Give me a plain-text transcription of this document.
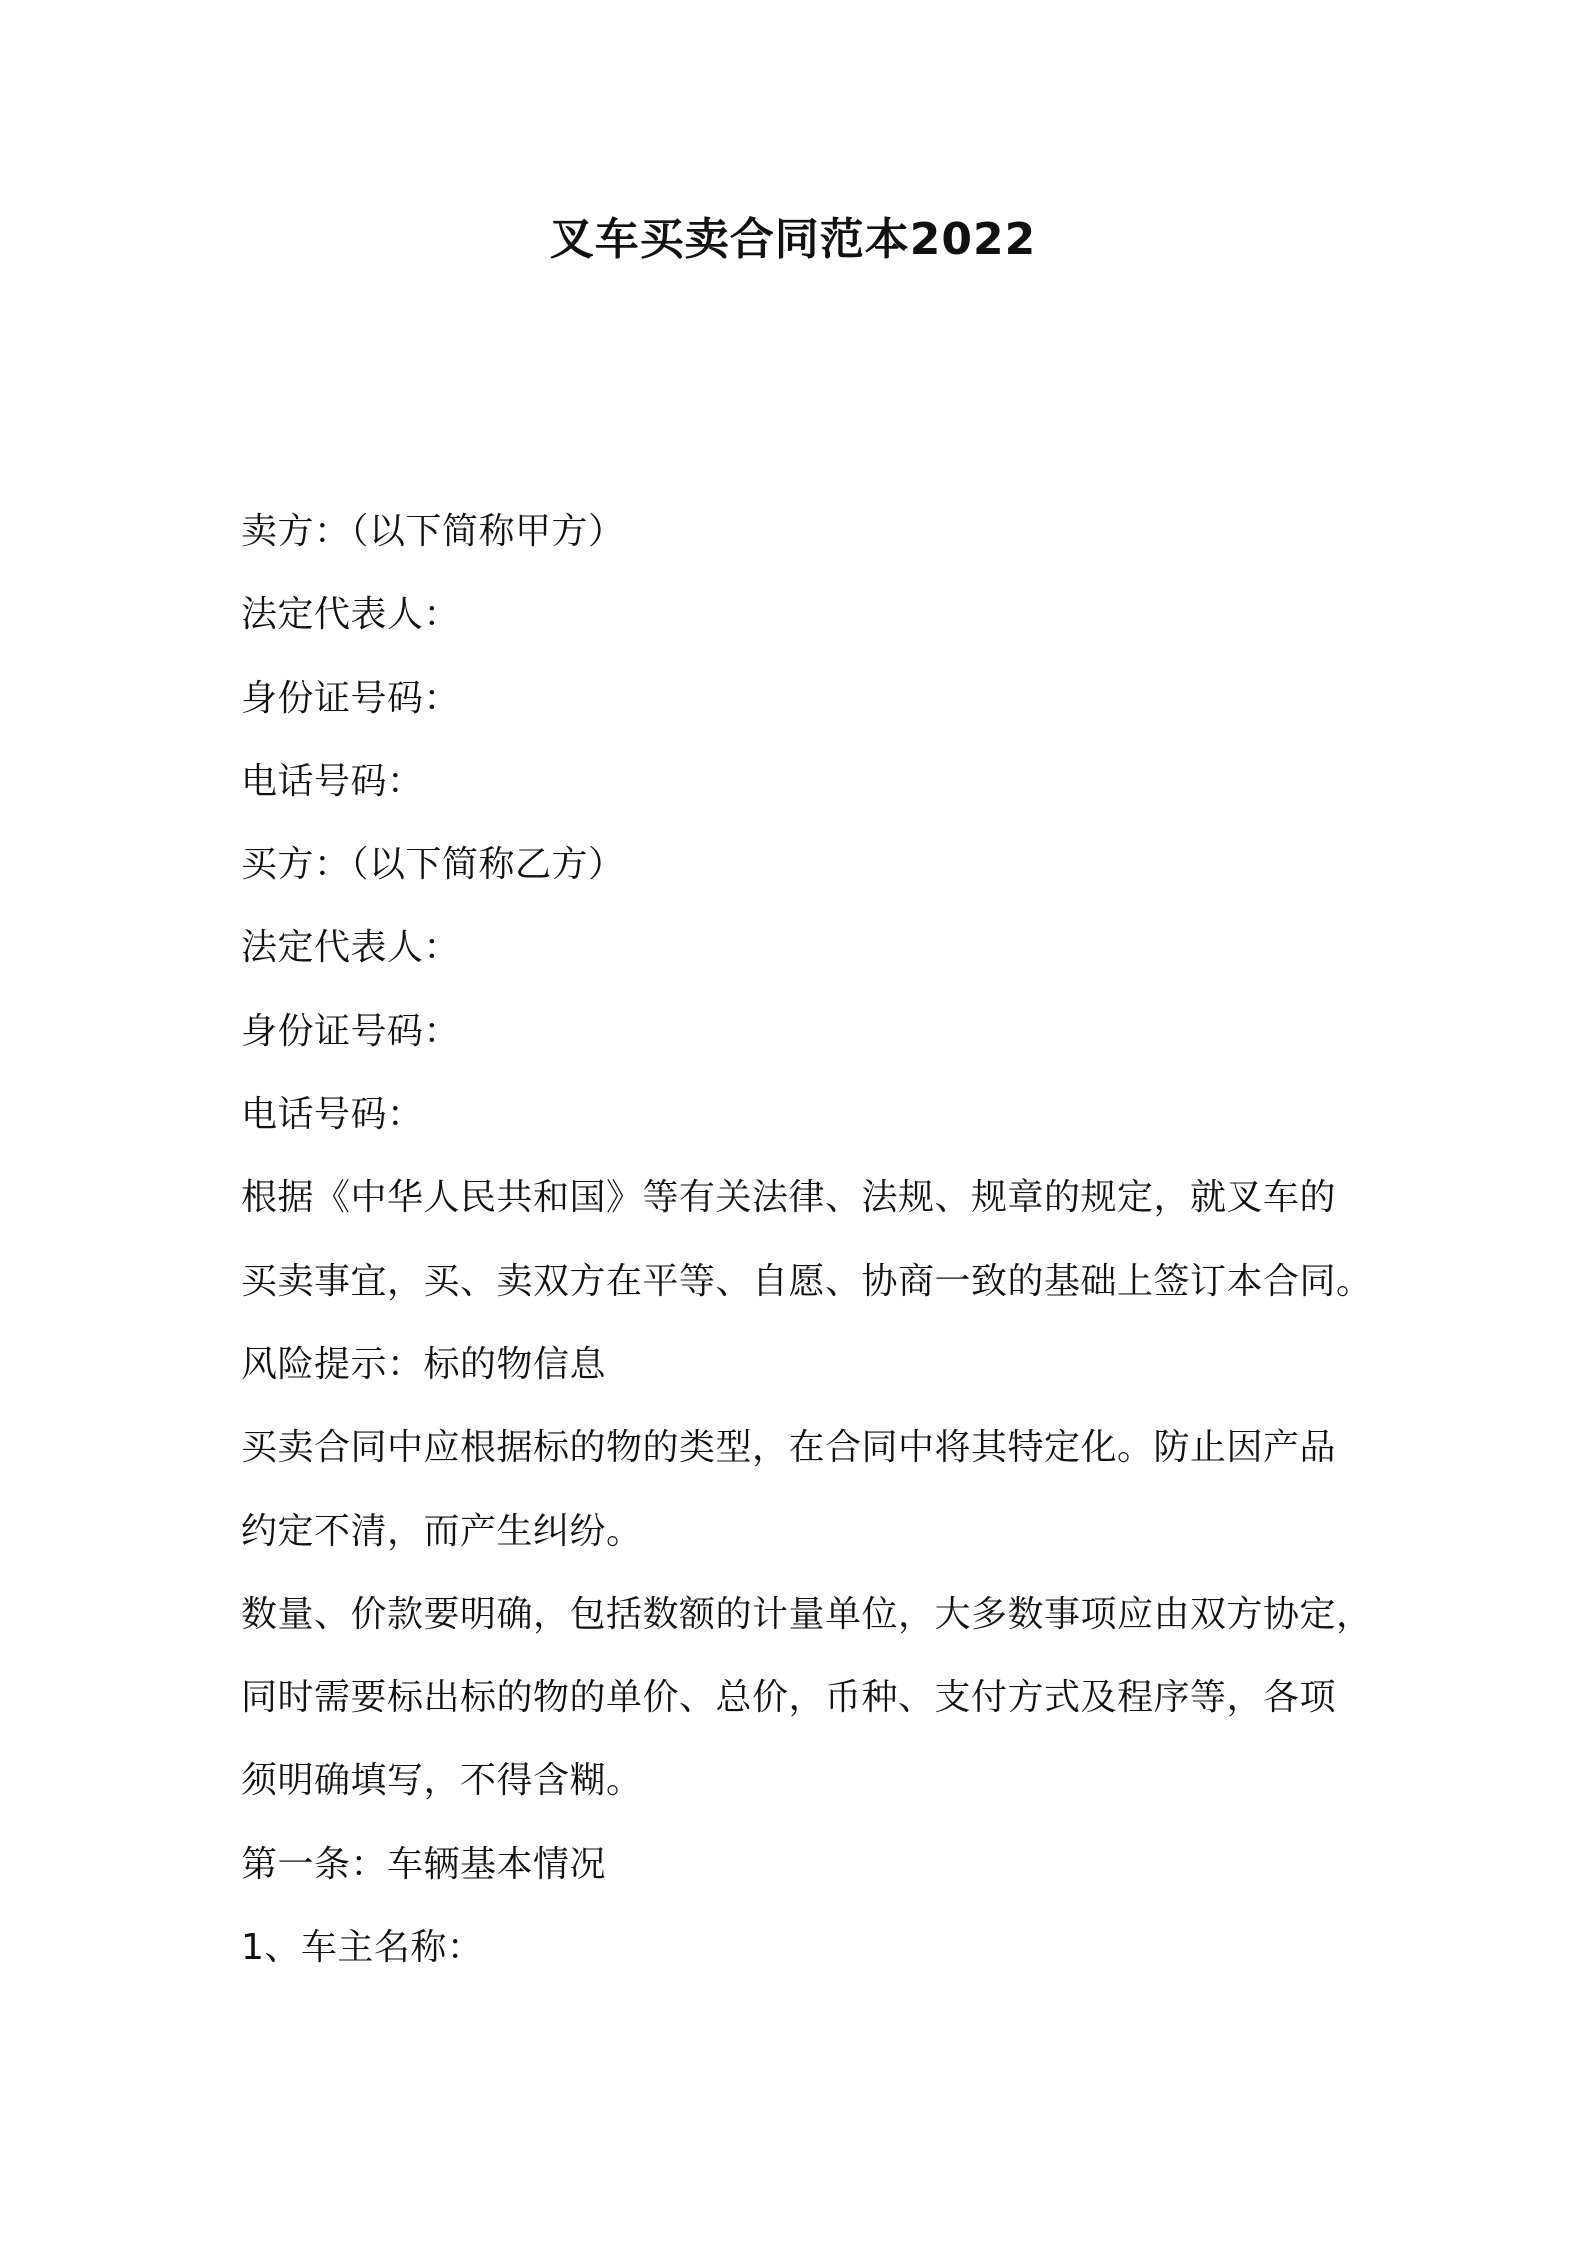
叉车买卖合同范本2022
卖方：（以下简称甲方）
法定代表人：
身份证号码：
电话号码：
买方：（以下简称乙方）
法定代表人：
身份证号码：
电话号码：
根据《中华人民共和国》等有关法律、法规、规章的规定，就叉车的
买卖事宜，买、卖双方在平等、自愿、协商一致的基础上签订本合同。
风险提示：标的物信息
买卖合同中应根据标的物的类型，在合同中将其特定化。防止因产品
约定不清，而产生纠纷。
数量、价款要明确，包括数额的计量单位，大多数事项应由双方协定，
同时需要标出标的物的单价、总价，币种、支付方式及程序等，各项
须明确填写，不得含糊。
第一条：车辆基本情况
1、车主名称：
